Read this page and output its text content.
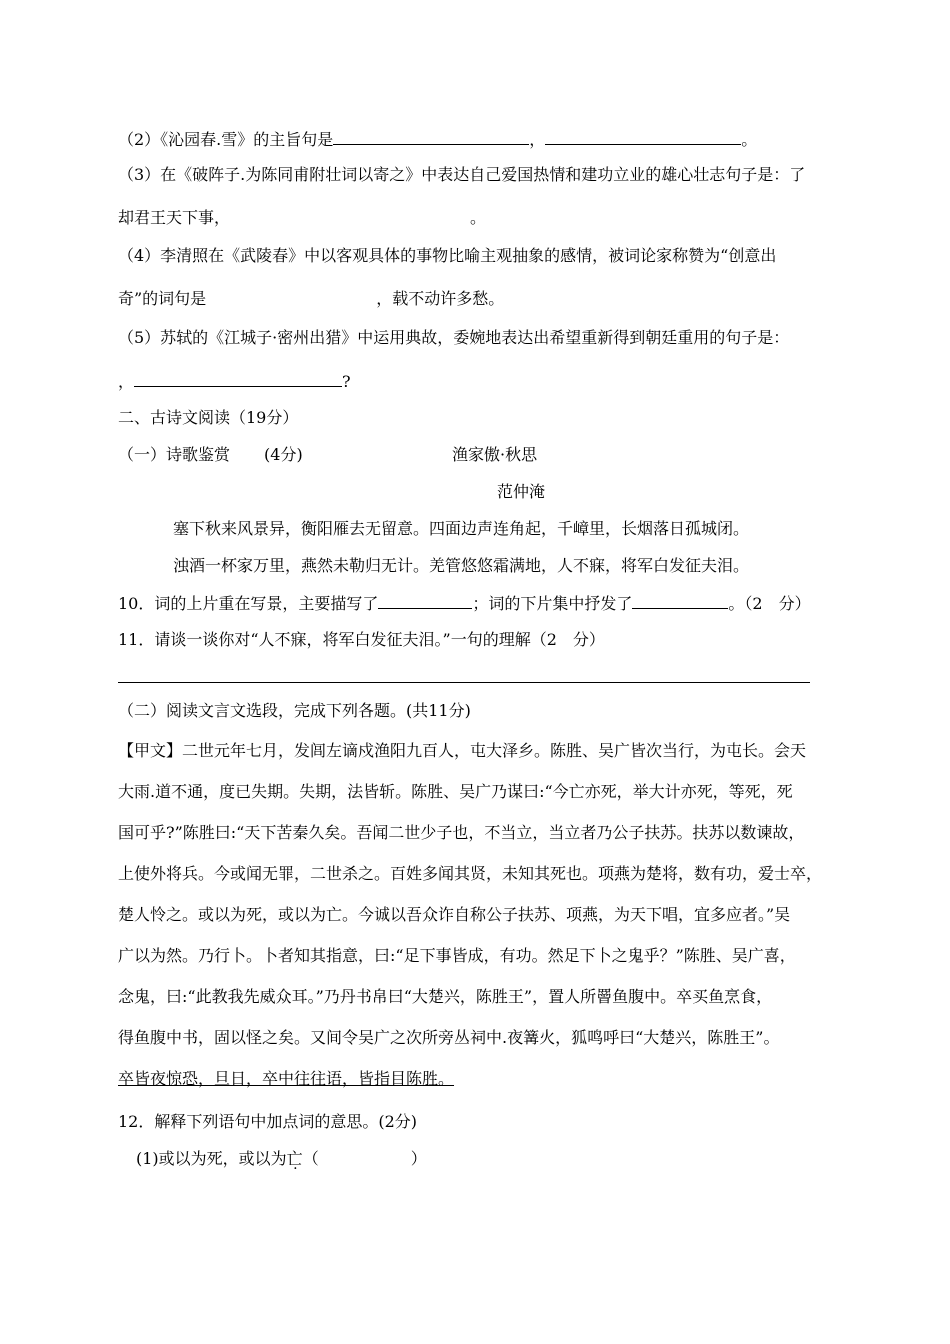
（2）《沁园春.雪》的主旨句是	，	。
（3）在《破阵子.为陈同甫附壮词以寄之》中表达自己爱国热情和建功立业的雄心壮志句子是：了
却君王天下事，	。
（4）李清照在《武陵春》中以客观具体的事物比喻主观抽象的感情，被词论家称赞为“创意出
奇”的词句是	，载不动许多愁。
（5）苏轼的《江城子·密州出猎》中运用典故，委婉地表达出希望重新得到朝廷重用的句子是：
，	?
二、古诗文阅读（19分）
（一）诗歌鉴赏 (4分)	渔家傲·秋思
范仲淹
塞下秋来风景异，衡阳雁去无留意。四面边声连角起，千嶂里，长烟落日孤城闭。
浊酒一杯家万里，燕然未勒归无计。羌管悠悠霜满地，人不寐，将军白发征夫泪。
10．词的上片重在写景，主要描写了	；词的下片集中抒发了	。（2　分）
11．请谈一谈你对“人不寐，将军白发征夫泪。”一句的理解（2　分）
（二）阅读文言文选段，完成下列各题。(共11分)
【甲文】二世元年七月，发闾左谪戍渔阳九百人，屯大泽乡。陈胜、吴广皆次当行，为屯长。会天
大雨.道不通，度已失期。失期，法皆斩。陈胜、吴广乃谋曰:“今亡亦死，举大计亦死，等死，死
国可乎?”陈胜曰:“天下苦秦久矣。吾闻二世少子也，不当立，当立者乃公子扶苏。扶苏以数谏故，
上使外将兵。今或闻无罪，二世杀之。百姓多闻其贤，未知其死也。项燕为楚将，数有功，爱士卒，
楚人怜之。或以为死，或以为亡。今诚以吾众诈自称公子扶苏、项燕，为天下唱，宜多应者。”吴
广以为然。乃行卜。卜者知其指意，曰:“足下事皆成，有功。然足下卜之鬼乎？”陈胜、吴广喜，
念鬼，曰:“此教我先威众耳。”乃丹书帛曰“大楚兴，陈胜王”，置人所罾鱼腹中。卒买鱼烹食，
得鱼腹中书，固以怪之矣。又间令吴广之次所旁丛祠中.夜篝火，狐鸣呼曰“大楚兴，陈胜王”。
卒皆夜惊恐，旦日，卒中往往语，皆指目陈胜。
12．解释下列语句中加点词的意思。(2分)
(1)或以为死，或以为亡（	）
